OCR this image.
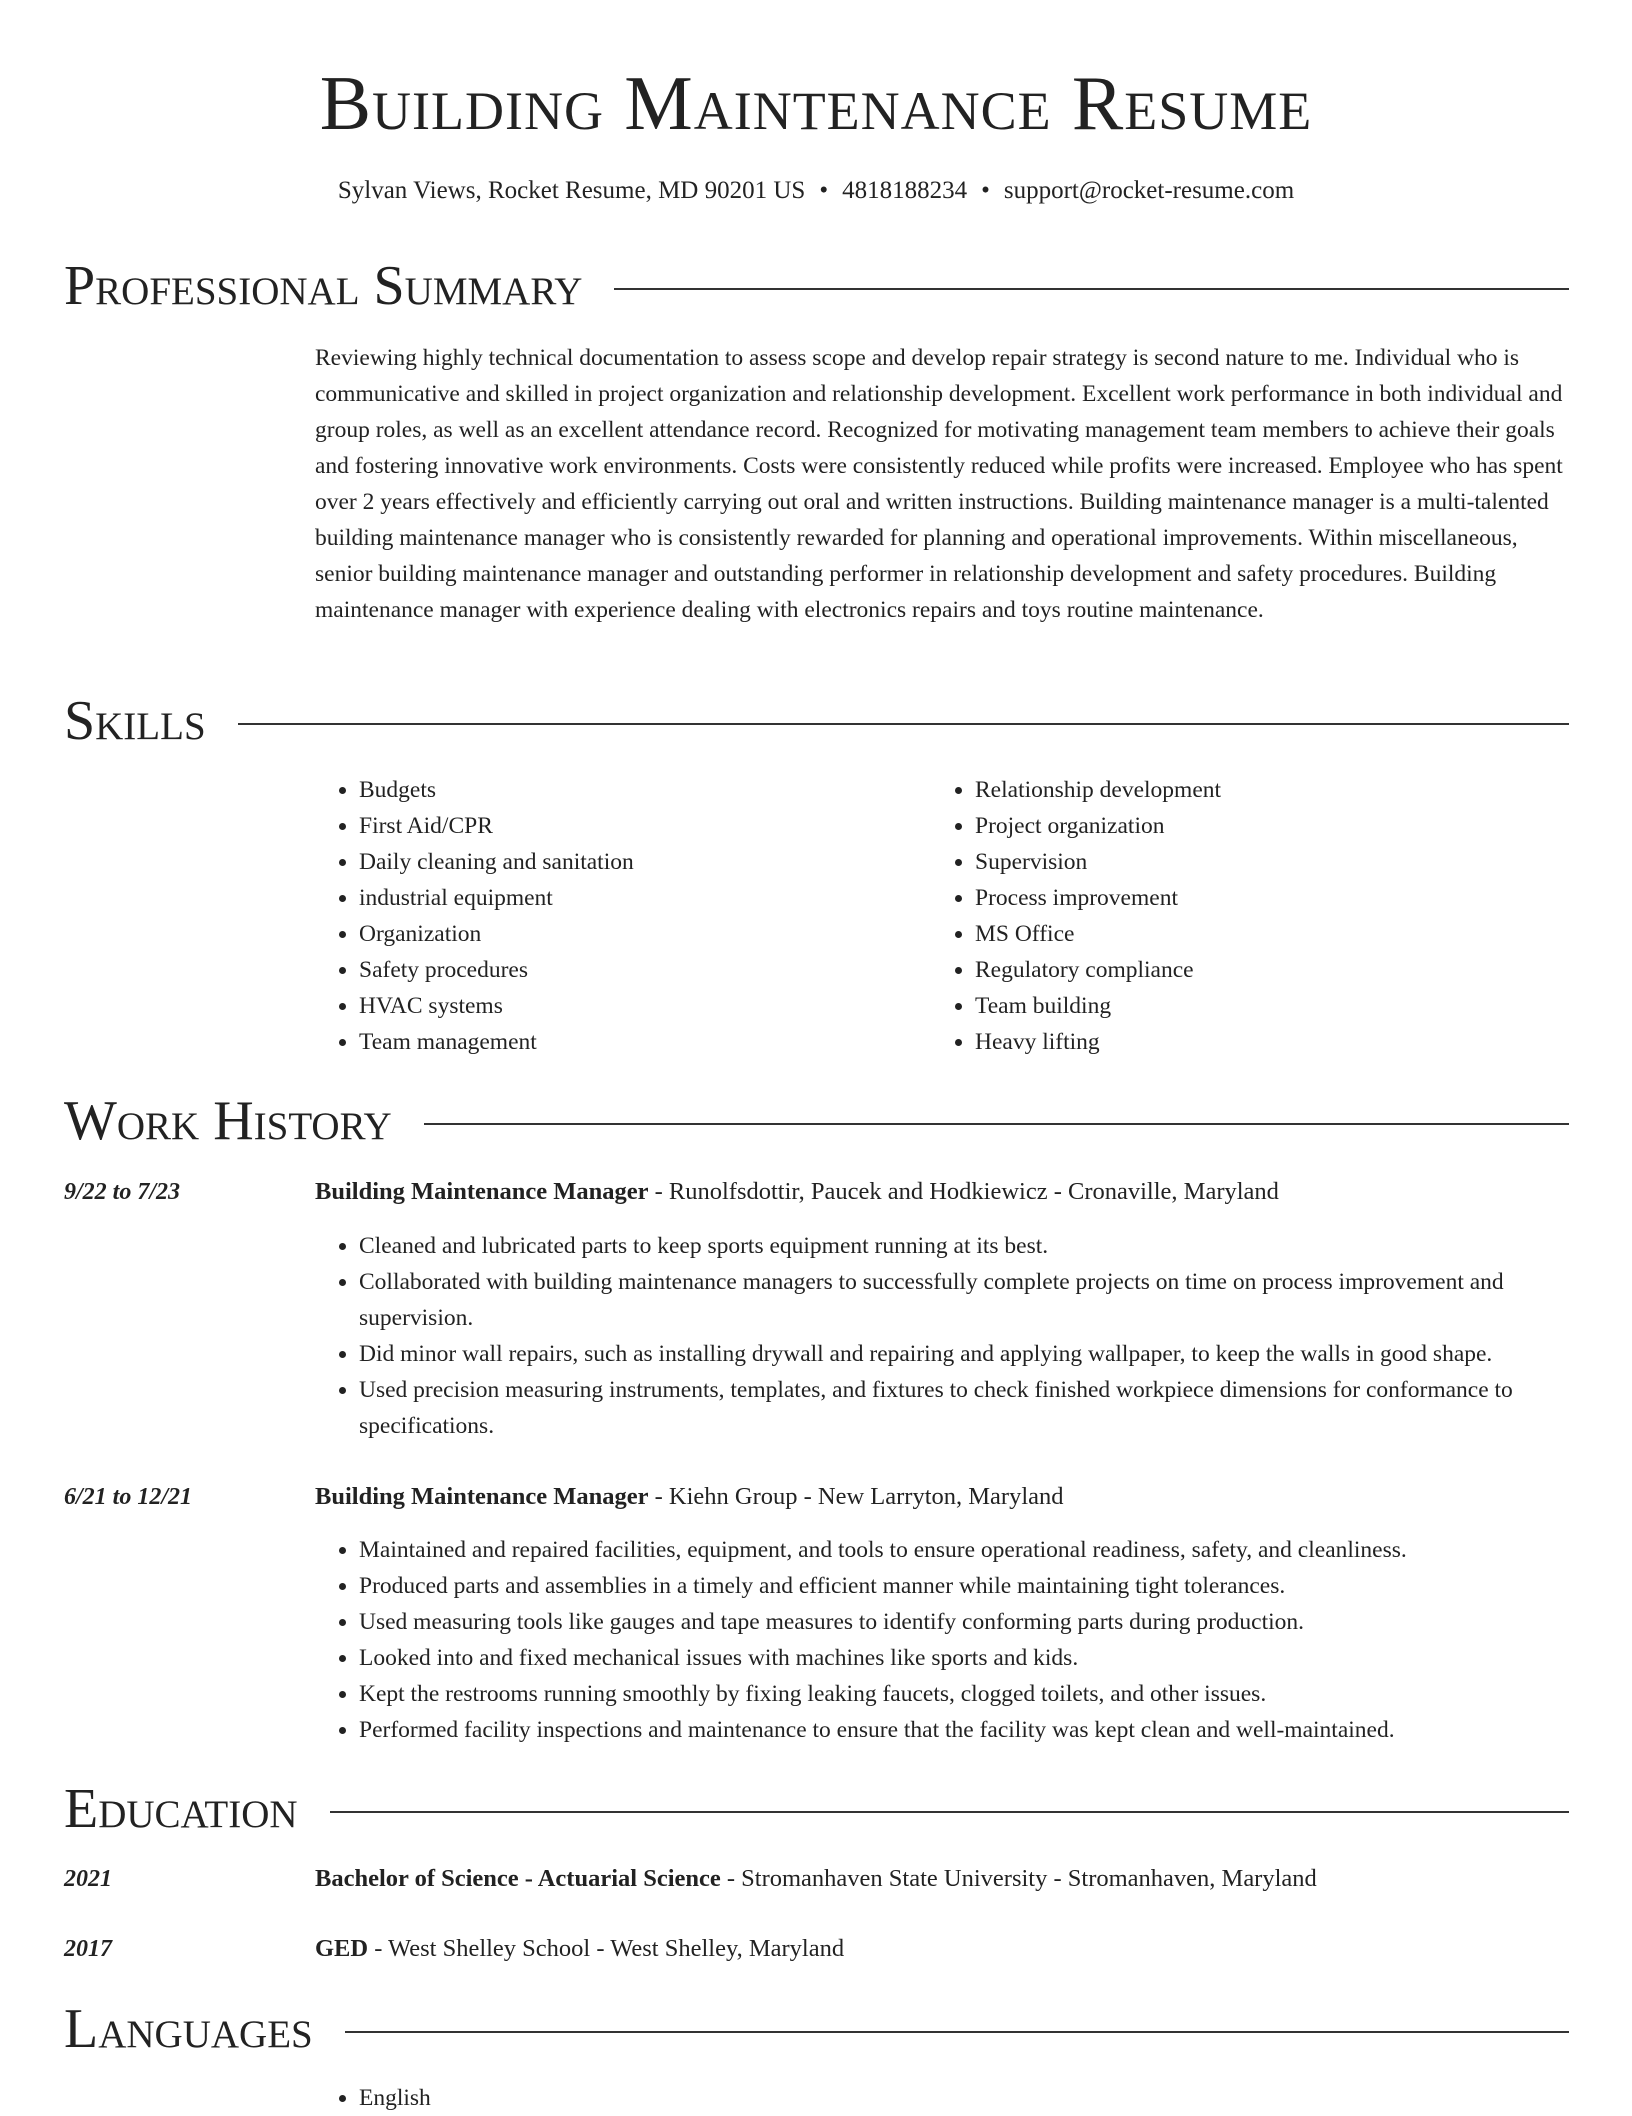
Building Maintenance Resume
Sylvan Views, Rocket Resume, MD 90201 US • 4818188234 • support@rocket-resume.com
Professional Summary
Reviewing highly technical documentation to assess scope and develop repair strategy is second nature to me. Individual who is communicative and skilled in project organization and relationship development. Excellent work performance in both individual and group roles, as well as an excellent attendance record. Recognized for motivating management team members to achieve their goals and fostering innovative work environments. Costs were consistently reduced while profits were increased. Employee who has spent over 2 years effectively and efficiently carrying out oral and written instructions. Building maintenance manager is a multi-talented building maintenance manager who is consistently rewarded for planning and operational improvements. Within miscellaneous, senior building maintenance manager and outstanding performer in relationship development and safety procedures. Building maintenance manager with experience dealing with electronics repairs and toys routine maintenance.
Skills
• Budgets
• First Aid/CPR
• Daily cleaning and sanitation
• industrial equipment
• Organization
• Safety procedures
• HVAC systems
• Team management
• Relationship development
• Project organization
• Supervision
• Process improvement
• MS Office
• Regulatory compliance
• Team building
• Heavy lifting
Work History
9/22 to 7/23	Building Maintenance Manager - Runolfsdottir, Paucek and Hodkiewicz - Cronaville, Maryland
• Cleaned and lubricated parts to keep sports equipment running at its best.
• Collaborated with building maintenance managers to successfully complete projects on time on process improvement and supervision.
• Did minor wall repairs, such as installing drywall and repairing and applying wallpaper, to keep the walls in good shape.
• Used precision measuring instruments, templates, and fixtures to check finished workpiece dimensions for conformance to specifications.
6/21 to 12/21	Building Maintenance Manager - Kiehn Group - New Larryton, Maryland
• Maintained and repaired facilities, equipment, and tools to ensure operational readiness, safety, and cleanliness.
• Produced parts and assemblies in a timely and efficient manner while maintaining tight tolerances.
• Used measuring tools like gauges and tape measures to identify conforming parts during production.
• Looked into and fixed mechanical issues with machines like sports and kids.
• Kept the restrooms running smoothly by fixing leaking faucets, clogged toilets, and other issues.
• Performed facility inspections and maintenance to ensure that the facility was kept clean and well-maintained.
Education
2021	Bachelor of Science - Actuarial Science - Stromanhaven State University - Stromanhaven, Maryland
2017	GED - West Shelley School - West Shelley, Maryland
Languages
• English
